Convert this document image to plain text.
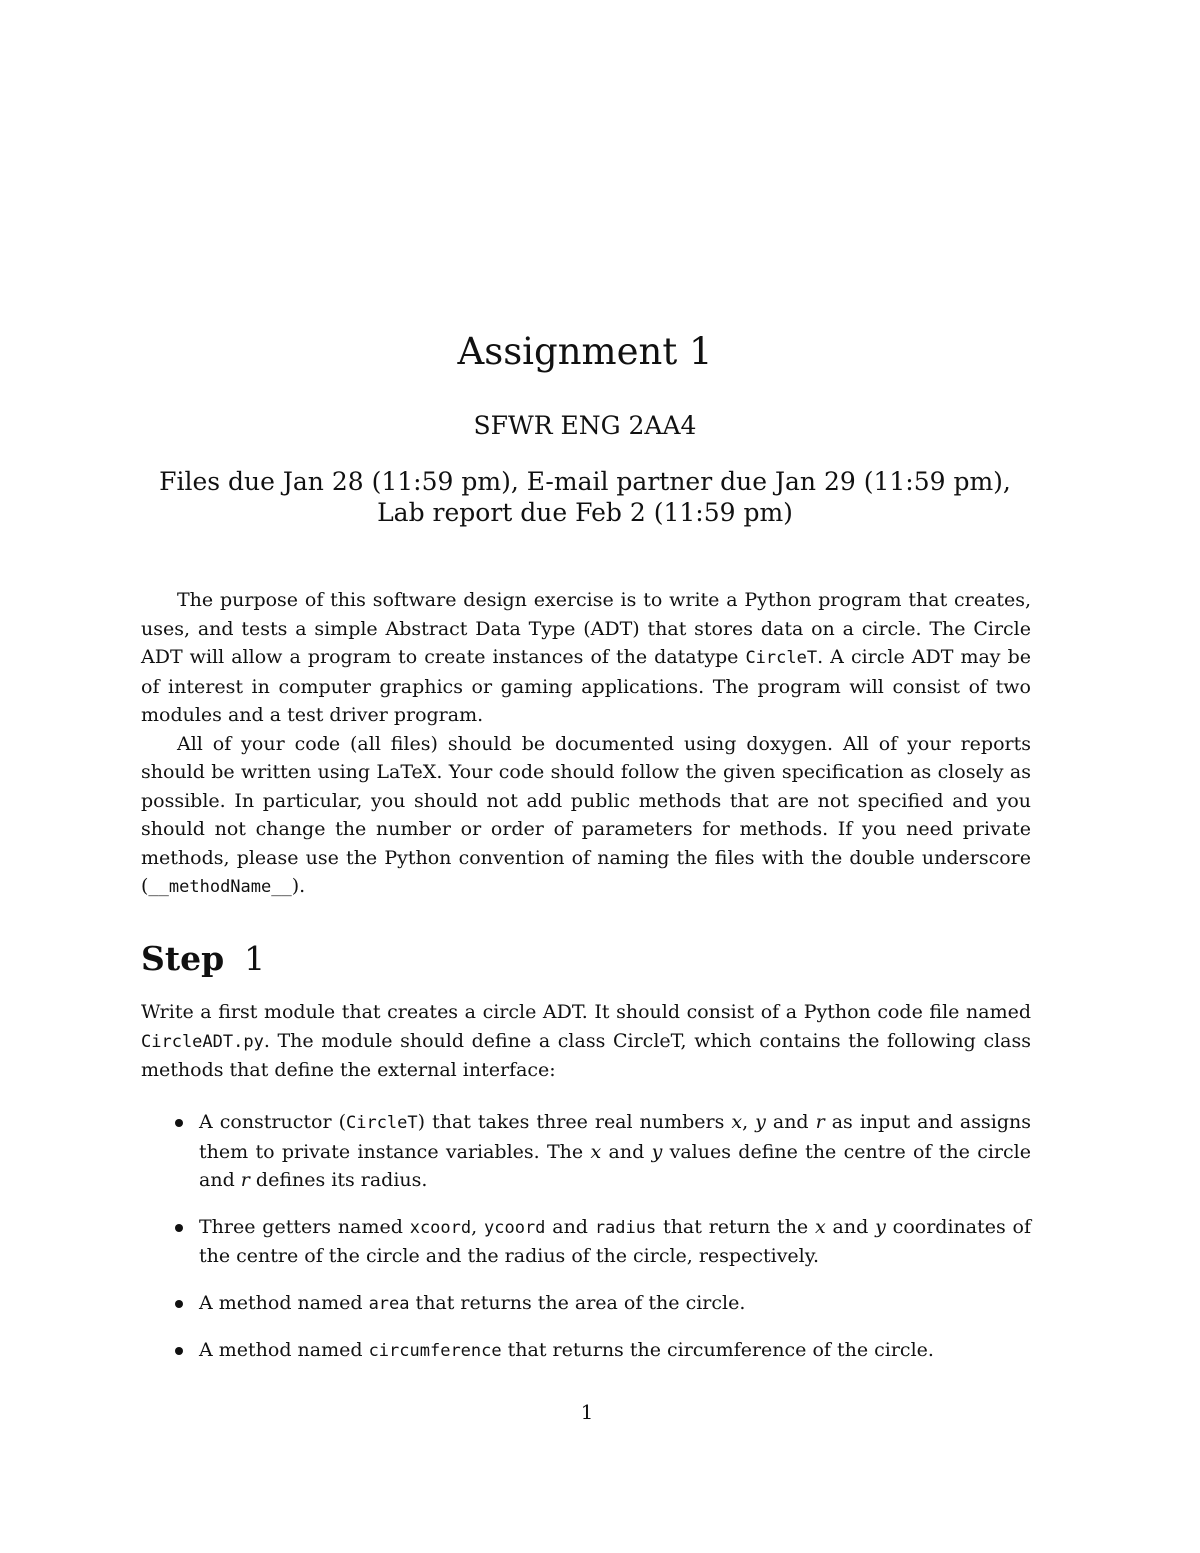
Assignment 1
SFWR ENG 2AA4
Files due Jan 28 (11:59 pm), E-mail partner due Jan 29 (11:59 pm), Lab report due Feb 2 (11:59 pm)

The purpose of this software design exercise is to write a Python program that creates, uses, and tests a simple Abstract Data Type (ADT) that stores data on a circle. The Circle ADT will allow a program to create instances of the datatype CircleT. A circle ADT may be of interest in computer graphics or gaming applications. The program will consist of two modules and a test driver program.

All of your code (all files) should be documented using doxygen. All of your reports should be written using LaTeX. Your code should follow the given specification as closely as possible. In particular, you should not add public methods that are not specified and you should not change the number or order of parameters for methods. If you need private methods, please use the Python convention of naming the files with the double underscore (__methodName__).

Step 1

Write a first module that creates a circle ADT. It should consist of a Python code file named CircleADT.py. The module should define a class CircleT, which contains the following class methods that define the external interface:

A constructor (CircleT) that takes three real numbers x, y and r as input and assigns them to private instance variables. The x and y values define the centre of the circle and r defines its radius.
Three getters named xcoord, ycoord and radius that return the x and y coordinates of the centre of the circle and the radius of the circle, respectively.
A method named area that returns the area of the circle.
A method named circumference that returns the circumference of the circle.
1
